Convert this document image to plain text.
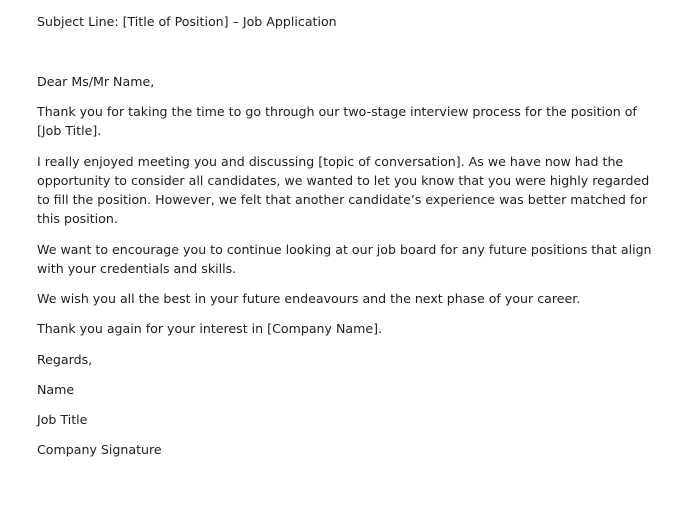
Subject Line: [Title of Position] – Job Application

Dear Ms/Mr Name,

Thank you for taking the time to go through our two-stage interview process for the position of [Job Title].

I really enjoyed meeting you and discussing [topic of conversation]. As we have now had the opportunity to consider all candidates, we wanted to let you know that you were highly regarded to fill the position. However, we felt that another candidate’s experience was better matched for this position.

We want to encourage you to continue looking at our job board for any future positions that align with your credentials and skills.

We wish you all the best in your future endeavours and the next phase of your career.

Thank you again for your interest in [Company Name].

Regards,

Name

Job Title

Company Signature
